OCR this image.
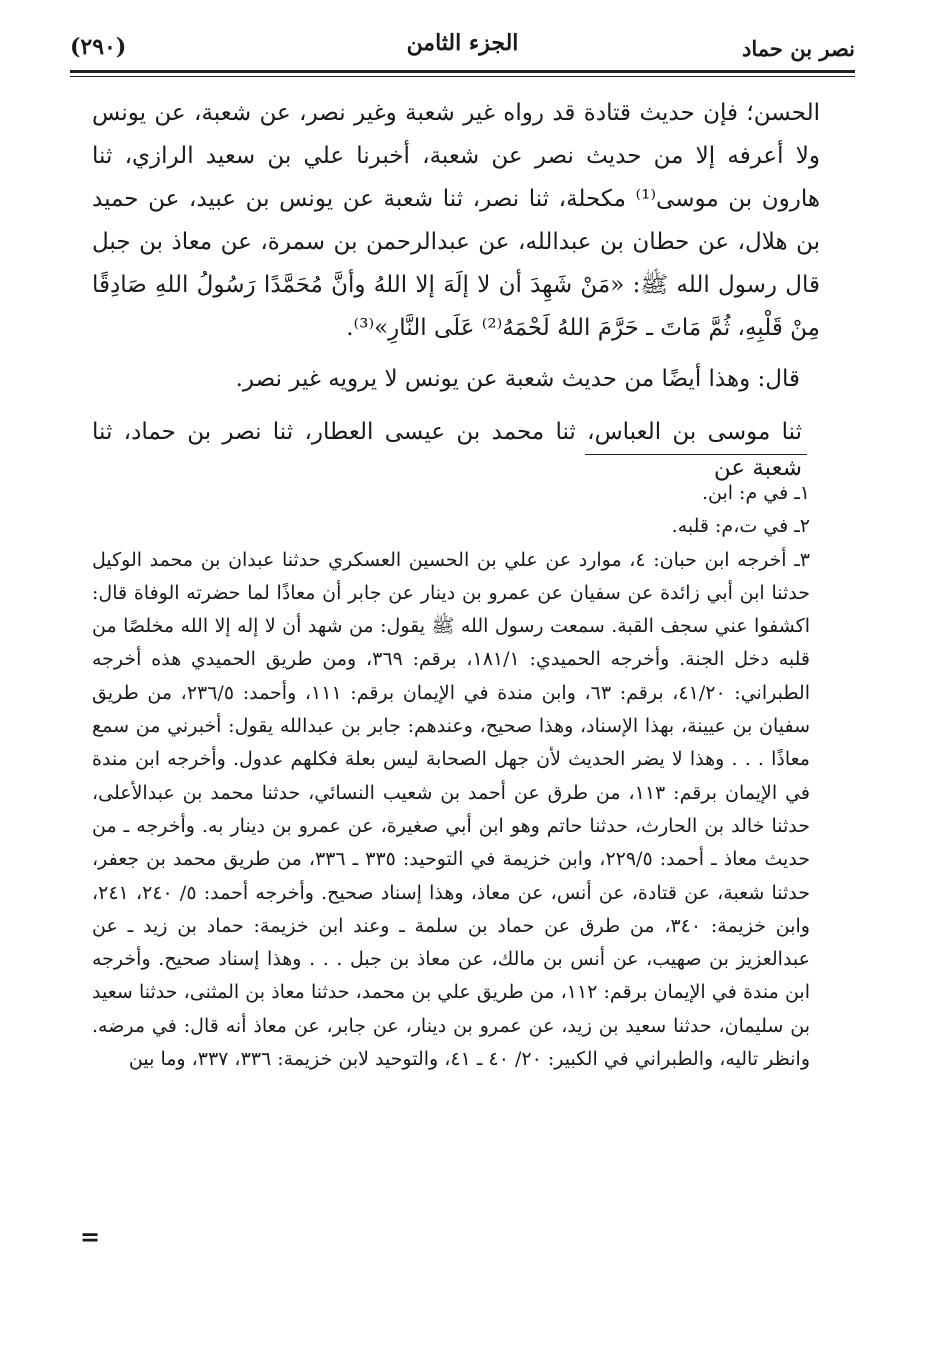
نصر بن حماد
الجزء الثامن
(٢٩٠)

الحسن؛ فإن حديث قتادة قد رواه غير شعبة وغير نصر، عن شعبة، عن يونس ولا أعرفه إلا من حديث نصر عن شعبة، أخبرنا علي بن سعيد الرازي، ثنا هارون بن موسى⁽¹⁾ مكحلة، ثنا نصر، ثنا شعبة عن يونس بن عبيد، عن حميد بن هلال، عن حطان بن عبدالله، عن عبدالرحمن بن سمرة، عن معاذ بن جبل قال رسول الله ﷺ: «مَنْ شَهِدَ أن لا إلَهَ إلا اللهُ وأنَّ مُحَمَّدًا رَسُولُ اللهِ صَادِقًا مِنْ قَلْبِهِ، ثُمَّ مَاتَ ـ حَرَّمَ اللهُ لَحْمَهُ⁽²⁾ عَلَى النَّارِ»⁽³⁾.

قال: وهذا أيضًا من حديث شعبة عن يونس لا يرويه غير نصر.
ثنا موسى بن العباس، ثنا محمد بن عيسى العطار، ثنا نصر بن حماد، ثنا شعبة عن

١ـ في م: ابن.

٢ـ في ت،م: قلبه.

٣ـ أخرجه ابن حبان: ٤، موارد عن علي بن الحسين العسكري حدثنا عبدان بن محمد الوكيل حدثنا ابن أبي زائدة عن سفيان عن عمرو بن دينار عن جابر أن معاذًا لما حضرته الوفاة قال: اكشفوا عني سجف القبة. سمعت رسول الله ﷺ يقول: من شهد أن لا إله إلا الله مخلصًا من قلبه دخل الجنة. وأخرجه الحميدي: ١٨١/١، برقم: ٣٦٩، ومن طريق الحميدي هذه أخرجه الطبراني: ٤١/٢٠، برقم: ٦٣، وابن مندة في الإيمان برقم: ١١١، وأحمد: ٢٣٦/٥، من طريق سفيان بن عيينة، بهذا الإسناد، وهذا صحيح، وعندهم: جابر بن عبدالله يقول: أخبرني من سمع معاذًا . . . وهذا لا يضر الحديث لأن جهل الصحابة ليس بعلة فكلهم عدول. وأخرجه ابن مندة في الإيمان برقم: ١١٣، من طرق عن أحمد بن شعيب النسائي، حدثنا محمد بن عبدالأعلى، حدثنا خالد بن الحارث، حدثنا حاتم وهو ابن أبي صغيرة، عن عمرو بن دينار به. وأخرجه ـ من حديث معاذ ـ أحمد: ٢٢٩/٥، وابن خزيمة في التوحيد: ٣٣٥ ـ ٣٣٦، من طريق محمد بن جعفر، حدثنا شعبة، عن قتادة، عن أنس، عن معاذ، وهذا إسناد صحيح. وأخرجه أحمد: ٥/ ٢٤٠، ٢٤١، وابن خزيمة: ٣٤٠، من طرق عن حماد بن سلمة ـ وعند ابن خزيمة: حماد بن زيد ـ عن عبدالعزيز بن صهيب، عن أنس بن مالك، عن معاذ بن جبل . . . وهذا إسناد صحيح. وأخرجه ابن مندة في الإيمان برقم: ١١٢، من طريق علي بن محمد، حدثنا معاذ بن المثنى، حدثنا سعيد بن سليمان، حدثنا سعيد بن زيد، عن عمرو بن دينار، عن جابر، عن معاذ أنه قال: في مرضه. وانظر تاليه، والطبراني في الكبير: ٢٠/ ٤٠ ـ ٤١، والتوحيد لابن خزيمة: ٣٣٦، ٣٣٧، وما بين

=
